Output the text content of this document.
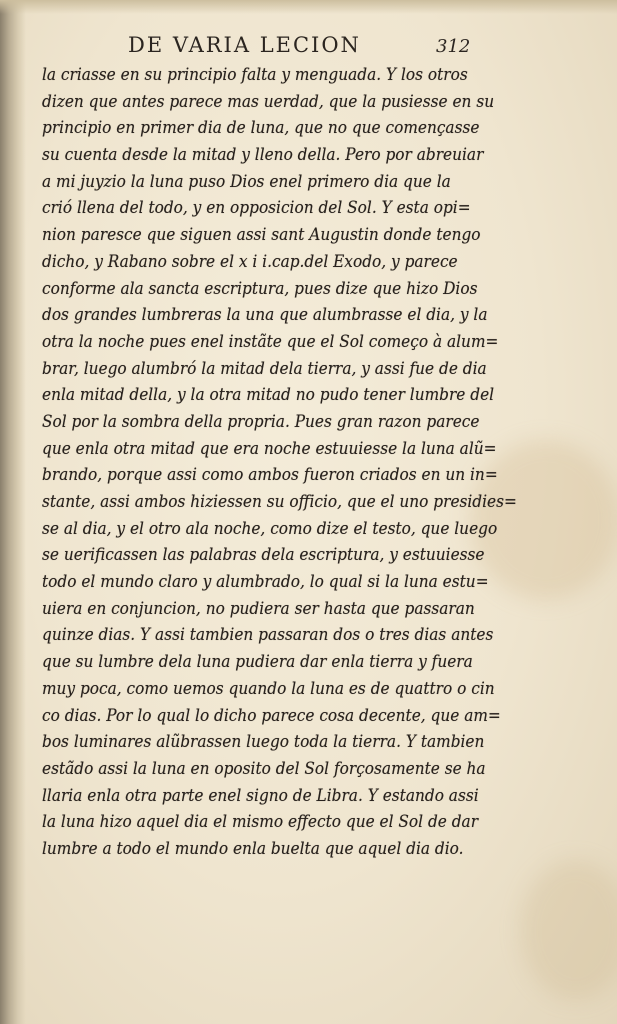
DE VARIA LECION	312
la criasse en su principio falta y menguada. Y los otros
dizen que antes parece mas uerdad, que la pusiesse en su
principio en primer dia de luna, que no que començasse
su cuenta desde la mitad y lleno della. Pero por abreuiar
a mi juyzio la luna puso Dios enel primero dia que la
crió llena del todo, y en opposicion del Sol. Y esta opi=
nion paresce que siguen assi sant Augustin donde tengo
dicho, y Rabano sobre el x i i.cap.del Exodo, y parece
conforme ala sancta escriptura, pues dize que hizo Dios
dos grandes lumbreras la una que alumbrasse el dia, y la
otra la noche pues enel instãte que el Sol começo à alum=
brar, luego alumbró la mitad dela tierra, y assi fue de dia
enla mitad della, y la otra mitad no pudo tener lumbre del
Sol por la sombra della propria. Pues gran razon parece
que enla otra mitad que era noche estuuiesse la luna alũ=
brando, porque assi como ambos fueron criados en un in=
stante, assi ambos hiziessen su officio, que el uno presidies=
se al dia, y el otro ala noche, como dize el testo, que luego
se uerificassen las palabras dela escriptura, y estuuiesse
todo el mundo claro y alumbrado, lo qual si la luna estu=
uiera en conjuncion, no pudiera ser hasta que passaran
quinze dias. Y assi tambien passaran dos o tres dias antes
que su lumbre dela luna pudiera dar enla tierra y fuera
muy poca, como uemos quando la luna es de quattro o cin
co dias. Por lo qual lo dicho parece cosa decente, que am=
bos luminares alũbrassen luego toda la tierra. Y tambien
estãdo assi la luna en oposito del Sol forçosamente se ha
llaria enla otra parte enel signo de Libra. Y estando assi
la luna hizo aquel dia el mismo effecto que el Sol de dar
lumbre a todo el mundo enla buelta que aquel dia dio.
